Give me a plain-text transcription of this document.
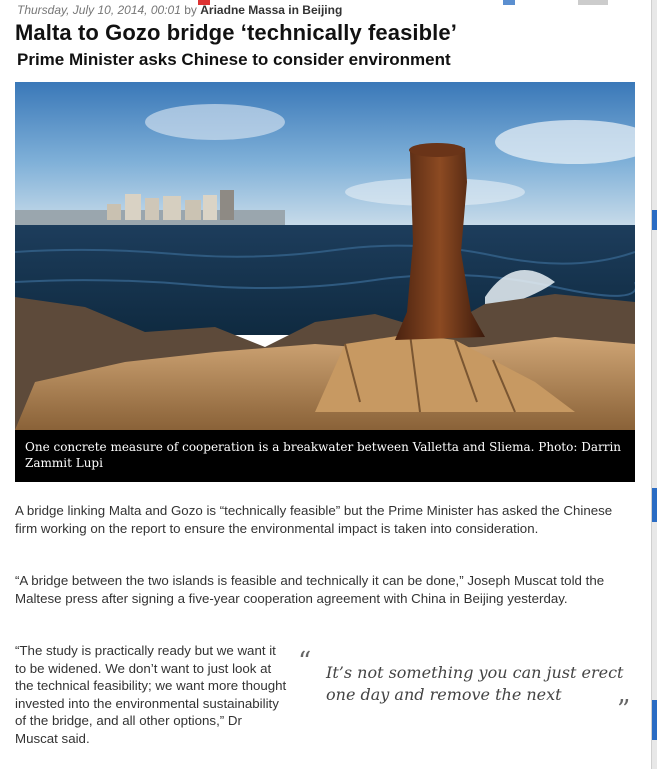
Thursday, July 10, 2014, 00:01 by Ariadne Massa in Beijing
Malta to Gozo bridge ‘technically feasible’
Prime Minister asks Chinese to consider environment
One concrete measure of cooperation is a breakwater between Valletta and Sliema. Photo: Darrin Zammit Lupi

A bridge linking Malta and Gozo is “technically feasible” but the Prime Minister has asked the Chinese firm working on the report to ensure the environmental impact is taken into consideration.

“A bridge between the two islands is feasible and technically it can be done,” Joseph Muscat told the Maltese press after signing a five-year cooperation agreement with China in Beijing yesterday.

“The study is practically ready but we want it to be widened. We don’t want to just look at the technical feasibility; we want more thought invested into the environmental sustainability of the bridge, and all other options,” Dr Muscat said.

“ It’s not something you can just erect one day and remove the next
”
